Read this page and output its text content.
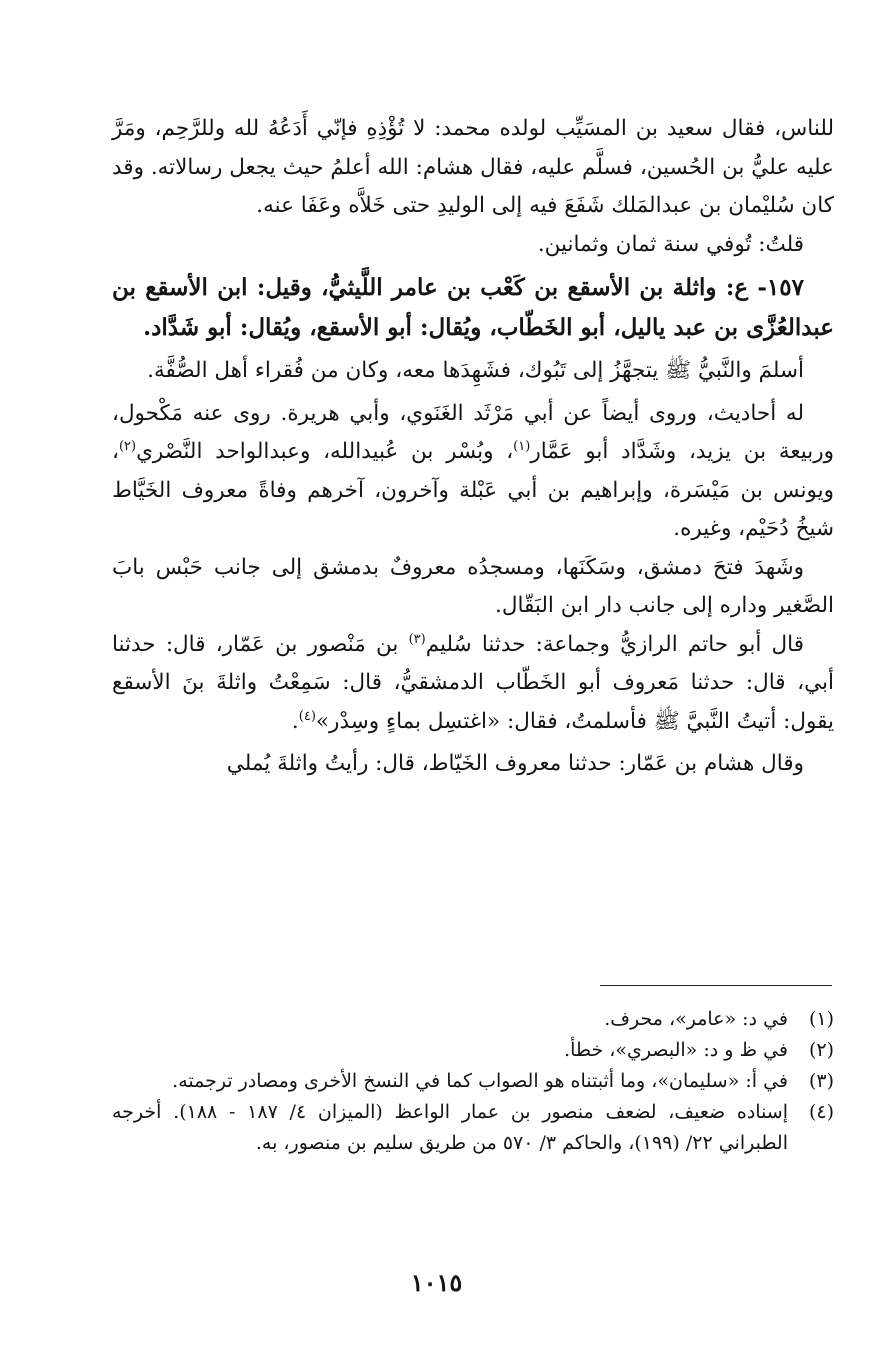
للناس، فقال سعيد بن المسَيِّب لولده محمد: لا تُؤْذِهِ فإنّي أَدَعُهُ لله وللرَّحِم، ومَرَّ عليه عليُّ بن الحُسين، فسلَّم عليه، فقال هشام: الله أعلمُ حيث يجعل رسالاته. وقد كان سُليْمان بن عبدالمَلك شَفَعَ فيه إلى الوليدِ حتى خَلاَّه وعَفَا عنه.

قلتُ: تُوفي سنة ثمان وثمانين.

١٥٧- ع: واثلة بن الأسقع بن كَعْب بن عامر اللَّيثيُّ، وقيل: ابن الأسقع بن عبدالعُزَّى بن عبد ياليل، أبو الخَطّاب، ويُقال: أبو الأسقع، ويُقال: أبو شَدَّاد.

أسلمَ والنَّبيُّ ﷺ يتجهَّزُ إلى تَبُوك، فشَهِدَها معه، وكان من فُقراء أهل الصُّفَّة.

له أحاديث، وروى أيضاً عن أبي مَرْثَد الغَنَوي، وأبي هريرة. روى عنه مَكْحول، وربيعة بن يزيد، وشَدَّاد أبو عَمَّار$^{(١)}$، وبُسْر بن عُبيدالله، وعبدالواحد النَّصْري$^{(٢)}$، ويونس بن مَيْسَرة، وإبراهيم بن أبي عَبْلة وآخرون، آخرهم وفاةً معروف الخَيَّاط شيخُ دُحَيْم، وغيره.

وشَهدَ فتحَ دمشق، وسَكَنَها، ومسجدُه معروفٌ بدمشق إلى جانب حَبْس بابَ الصَّغير وداره إلى جانب دار ابن البَقّال.

قال أبو حاتم الرازيُّ وجماعة: حدثنا سُليم$^{(٣)}$ بن مَنْصور بن عَمّار، قال: حدثنا أبي، قال: حدثنا مَعروف أبو الخَطّاب الدمشقيُّ، قال: سَمِعْتُ واثلةَ بنَ الأسقع يقول: أتيتُ النَّبيَّ ﷺ فأسلمتُ، فقال: «اغتسِل بماءٍ وسِدْر»$^{(٤)}$.

وقال هشام بن عَمّار: حدثنا معروف الخَيّاط، قال: رأيتُ واثلةَ يُملي

(١)
في د: «عامر»، محرف.
(٢)
في ظ و د: «البصري»، خطأ.
(٣)
في أ: «سليمان»، وما أثبتناه هو الصواب كما في النسخ الأخرى ومصادر ترجمته.
(٤)
إسناده ضعيف، لضعف منصور بن عمار الواعظ (الميزان ٤/ ١٨٧ - ١٨٨). أخرجه الطبراني ٢٢/ (١٩٩)، والحاكم ٣/ ٥٧٠ من طريق سليم بن منصور، به.
١٠١٥
